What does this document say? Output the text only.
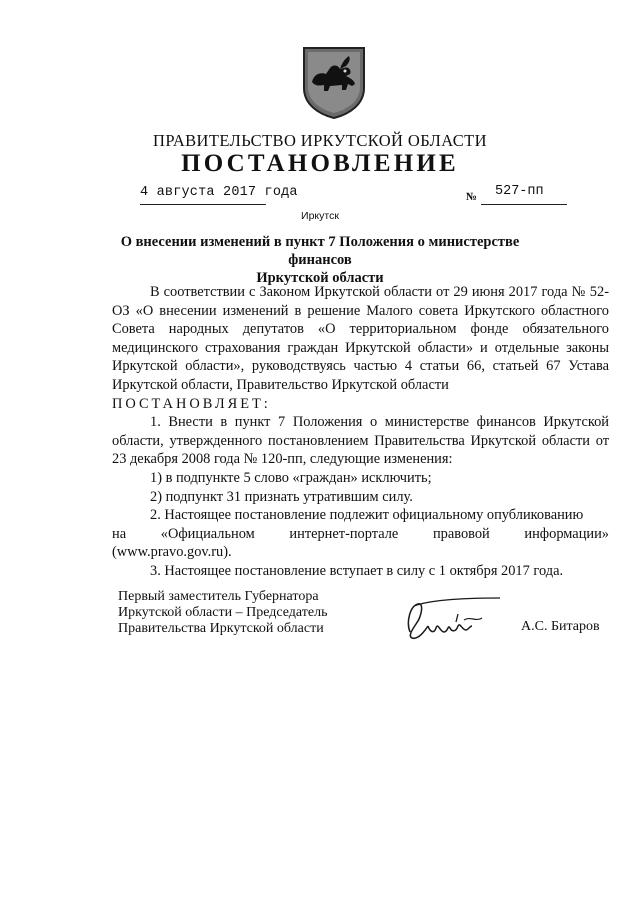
ПРАВИТЕЛЬСТВО ИРКУТСКОЙ ОБЛАСТИ
ПОСТАНОВЛЕНИЕ
4 августа 2017 года	№ 527-пп
Иркутск
О внесении изменений в пункт 7 Положения о министерстве финансов
Иркутской области

В соответствии с Законом Иркутской области от 29 июня 2017 года № 52-ОЗ «О внесении изменений в решение Малого совета Иркутского областного Совета народных депутатов «О территориальном фонде обязательного медицинского страхования граждан Иркутской области» и отдельные законы Иркутской области», руководствуясь частью 4 статьи 66, статьей 67 Устава Иркутской области, Правительство Иркутской области

ПОСТАНОВЛЯЕТ:

1. Внести в пункт 7 Положения о министерстве финансов Иркутской области, утвержденного постановлением Правительства Иркутской области от 23 декабря 2008 года № 120-пп, следующие изменения:

1) в подпункте 5 слово «граждан» исключить;

2) подпункт 31 признать утратившим силу.

2. Настоящее постановление подлежит официальному опубликованию

на «Официальном интернет-портале правовой информации»

(www.pravo.gov.ru).

3. Настоящее постановление вступает в силу с 1 октября 2017 года.

Первый заместитель Губернатора
Иркутской области – Председатель
Правительства Иркутской области	А.С. Битаров
